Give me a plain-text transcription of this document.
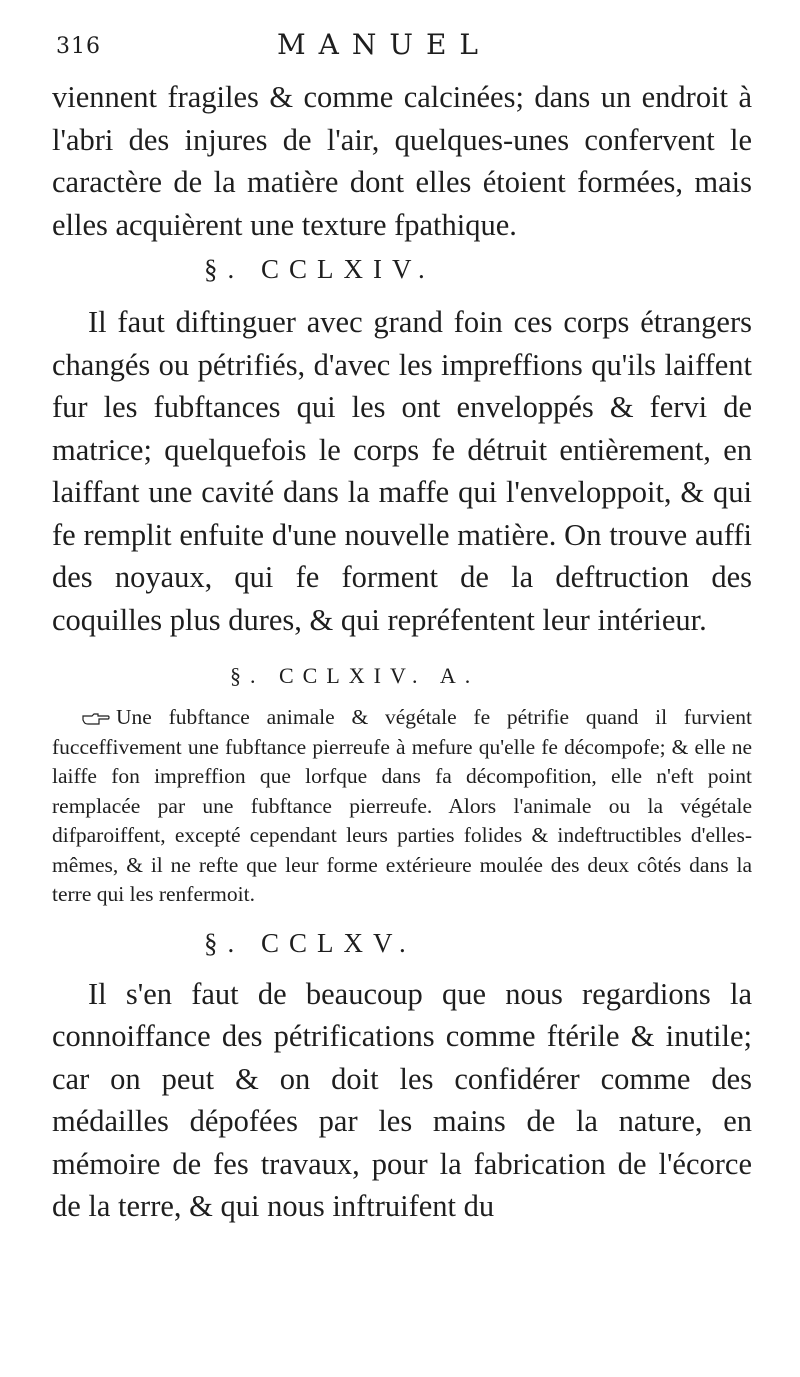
316	MANUEL

viennent fragiles & comme calcinées; dans un endroit à l'abri des injures de l'air, quelques-unes confervent le caractère de la matière dont elles étoient formées, mais elles acquièrent une texture fpathique.

§. CCLXIV.

Il faut diftinguer avec grand foin ces corps étrangers changés ou pétrifiés, d'avec les impreffions qu'ils laiffent fur les fubftances qui les ont enveloppés & fervi de matrice; quelquefois le corps fe détruit entièrement, en laiffant une cavité dans la maffe qui l'enveloppoit, & qui fe remplit enfuite d'une nouvelle matière. On trouve auffi des noyaux, qui fe forment de la deftruction des coquilles plus dures, & qui repréfentent leur intérieur.

§. CCLXIV. A.

Une fubftance animale & végétale fe pétrifie quand il furvient fucceffivement une fubftance pierreufe à mefure qu'elle fe décompofe; & elle ne laiffe fon impreffion que lorfque dans fa décompofition, elle n'eft point remplacée par une fubftance pierreufe. Alors l'animale ou la végétale difparoiffent, excepté cependant leurs parties folides & indeftructibles d'elles-mêmes, & il ne refte que leur forme extérieure moulée des deux côtés dans la terre qui les renfermoit.

§. CCLXV.

Il s'en faut de beaucoup que nous regardions la connoiffance des pétrifications comme ftérile & inutile; car on peut & on doit les confidérer comme des médailles dépofées par les mains de la nature, en mémoire de fes travaux, pour la fabrication de l'écorce de la terre, & qui nous inftruifent du
